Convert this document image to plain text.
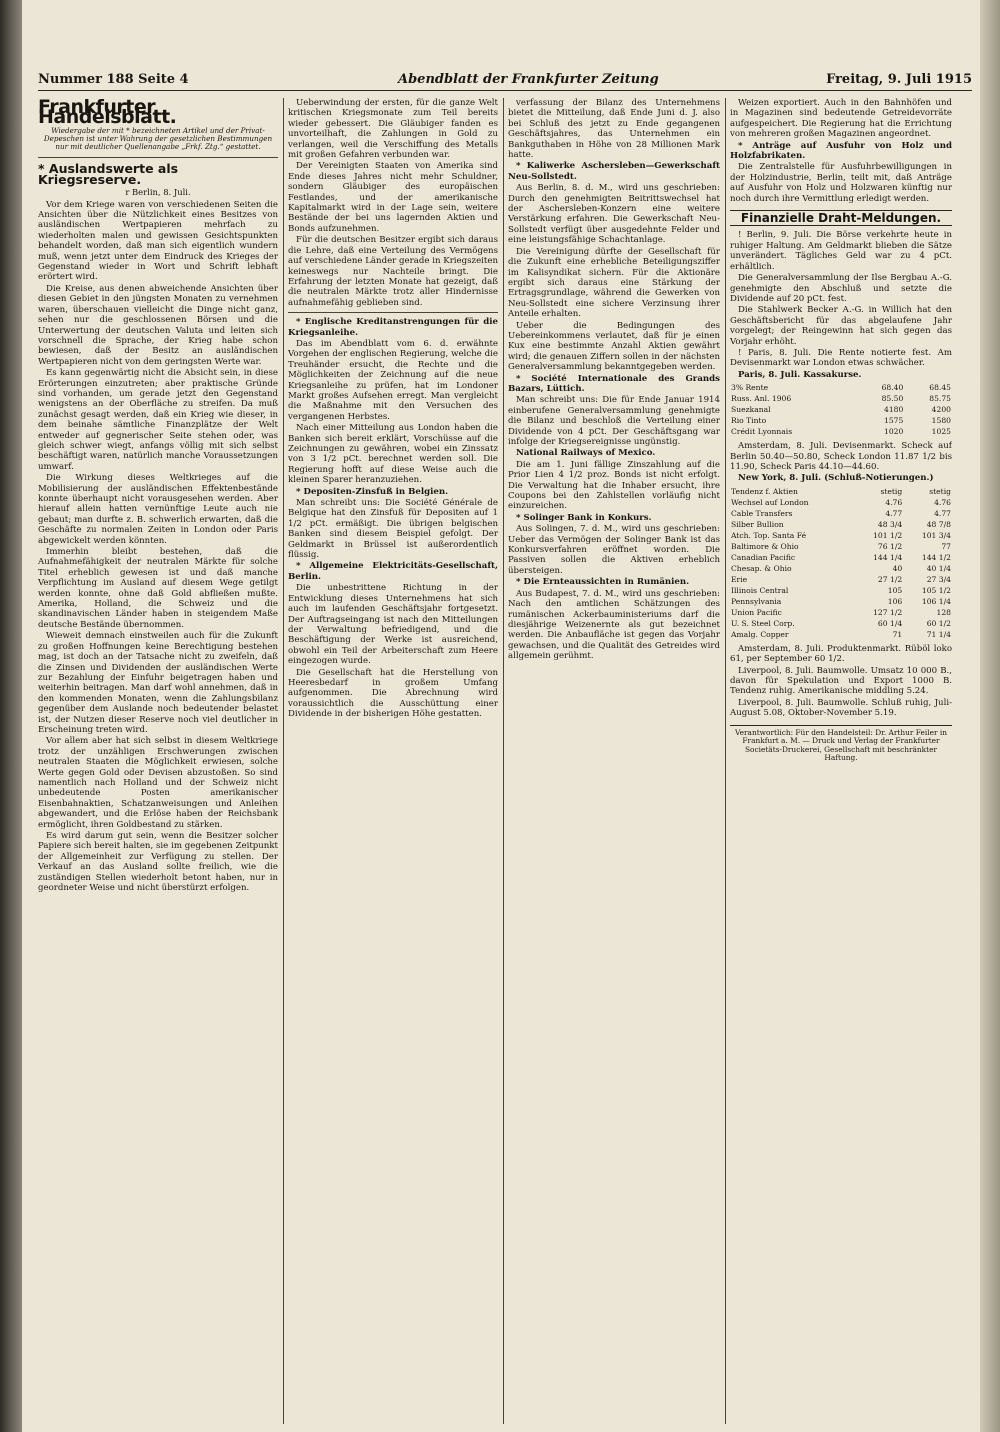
Nummer 188 Seite 4	Abendblatt der Frankfurter Zeitung	Freitag, 9. Juli 1915
Frankfurter Handelsblatt.
Wiedergabe der mit * bezeichneten Artikel und der Privat-Depeschen ist unter Wahrung der gesetzlichen Bestimmungen nur mit deutlicher Quellenangabe „Frkf. Ztg.“ gestattet.
* Auslandswerte als Kriegsreserve.
r Berlin, 8. Juli.

Vor dem Kriege waren von verschiedenen Seiten die Ansichten über die Nützlichkeit eines Besitzes von ausländischen Wertpapieren mehrfach zu wiederholten malen und gewissen Gesichtspunkten behandelt worden, daß man sich eigentlich wundern muß, wenn jetzt unter dem Eindruck des Krieges der Gegenstand wieder in Wort und Schrift lebhaft erörtert wird.

Die Kreise, aus denen abweichende Ansichten über diesen Gebiet in den jüngsten Monaten zu vernehmen waren, überschauen vielleicht die Dinge nicht ganz, sehen nur die geschlossenen Börsen und die Unterwertung der deutschen Valuta und leiten sich vorschnell die Sprache, der Krieg habe schon bewiesen, daß der Besitz an ausländischen Wertpapieren nicht von dem geringsten Werte war.

Es kann gegenwärtig nicht die Absicht sein, in diese Erörterungen einzutreten; aber praktische Gründe sind vorhanden, um gerade jetzt den Gegenstand wenigstens an der Oberfläche zu streifen. Da muß zunächst gesagt werden, daß ein Krieg wie dieser, in dem beinahe sämtliche Finanzplätze der Welt entweder auf gegnerischer Seite stehen oder, was gleich schwer wiegt, anfangs völlig mit sich selbst beschäftigt waren, natürlich manche Voraussetzungen umwarf.

Die Wirkung dieses Weltkrieges auf die Mobilisierung der ausländischen Effektenbestände konnte überhaupt nicht vorausgesehen werden. Aber hierauf allein hatten vernünftige Leute auch nie gebaut; man durfte z. B. schwerlich erwarten, daß die Geschäfte zu normalen Zeiten in London oder Paris abgewickelt werden könnten.

Immerhin bleibt bestehen, daß die Aufnahmefähigkeit der neutralen Märkte für solche Titel erheblich gewesen ist und daß manche Verpflichtung im Ausland auf diesem Wege getilgt werden konnte, ohne daß Gold abfließen mußte. Amerika, Holland, die Schweiz und die skandinavischen Länder haben in steigendem Maße deutsche Bestände übernommen.

Wieweit demnach einstweilen auch für die Zukunft zu großen Hoffnungen keine Berechtigung bestehen mag, ist doch an der Tatsache nicht zu zweifeln, daß die Zinsen und Dividenden der ausländischen Werte zur Bezahlung der Einfuhr beigetragen haben und weiterhin beitragen. Man darf wohl annehmen, daß in den kommenden Monaten, wenn die Zahlungsbilanz gegenüber dem Auslande noch bedeutender belastet ist, der Nutzen dieser Reserve noch viel deutlicher in Erscheinung treten wird.

Vor allem aber hat sich selbst in diesem Weltkriege trotz der unzähligen Erschwerungen zwischen neutralen Staaten die Möglichkeit erwiesen, solche Werte gegen Gold oder Devisen abzustoßen. So sind namentlich nach Holland und der Schweiz nicht unbedeutende Posten amerikanischer Eisenbahnaktien, Schatzanweisungen und Anleihen abgewandert, und die Erlöse haben der Reichsbank ermöglicht, ihren Goldbestand zu stärken.

Es wird darum gut sein, wenn die Besitzer solcher Papiere sich bereit halten, sie im gegebenen Zeitpunkt der Allgemeinheit zur Verfügung zu stellen. Der Verkauf an das Ausland sollte freilich, wie die zuständigen Stellen wiederholt betont haben, nur in geordneter Weise und nicht überstürzt erfolgen.

Ueberwindung der ersten, für die ganze Welt kritischen Kriegsmonate zum Teil bereits wieder gebessert. Die Gläubiger fanden es unvorteilhaft, die Zahlungen in Gold zu verlangen, weil die Verschiffung des Metalls mit großen Gefahren verbunden war.

Der Vereinigten Staaten von Amerika sind Ende dieses Jahres nicht mehr Schuldner, sondern Gläubiger des europäischen Festlandes, und der amerikanische Kapitalmarkt wird in der Lage sein, weitere Bestände der bei uns lagernden Aktien und Bonds aufzunehmen.

Für die deutschen Besitzer ergibt sich daraus die Lehre, daß eine Verteilung des Vermögens auf verschiedene Länder gerade in Kriegszeiten keineswegs nur Nachteile bringt. Die Erfahrung der letzten Monate hat gezeigt, daß die neutralen Märkte trotz aller Hindernisse aufnahmefähig geblieben sind.

* Englische Kreditanstrengungen für die Kriegsanleihe.

Das im Abendblatt vom 6. d. erwähnte Vorgehen der englischen Regierung, welche die Treuhänder ersucht, die Rechte und die Möglichkeiten der Zeichnung auf die neue Kriegsanleihe zu prüfen, hat im Londoner Markt großes Aufsehen erregt. Man vergleicht die Maßnahme mit den Versuchen des vergangenen Herbstes.

Nach einer Mitteilung aus London haben die Banken sich bereit erklärt, Vorschüsse auf die Zeichnungen zu gewähren, wobei ein Zinssatz von 3 1/2 pCt. berechnet werden soll. Die Regierung hofft auf diese Weise auch die kleinen Sparer heranzuziehen.

* Depositen-Zinsfuß in Belgien.

Man schreibt uns: Die Société Générale de Belgique hat den Zinsfuß für Depositen auf 1 1/2 pCt. ermäßigt. Die übrigen belgischen Banken sind diesem Beispiel gefolgt. Der Geldmarkt in Brüssel ist außerordentlich flüssig.

* Allgemeine Elektricitäts-Gesellschaft, Berlin.

Die unbestrittene Richtung in der Entwicklung dieses Unternehmens hat sich auch im laufenden Geschäftsjahr fortgesetzt. Der Auftragseingang ist nach den Mitteilungen der Verwaltung befriedigend, und die Beschäftigung der Werke ist ausreichend, obwohl ein Teil der Arbeiterschaft zum Heere eingezogen wurde.

Die Gesellschaft hat die Herstellung von Heeresbedarf in großem Umfang aufgenommen. Die Abrechnung wird voraussichtlich die Ausschüttung einer Dividende in der bisherigen Höhe gestatten.

verfassung der Bilanz des Unternehmens bietet die Mitteilung, daß Ende Juni d. J. also bei Schluß des jetzt zu Ende gegangenen Geschäftsjahres, das Unternehmen ein Bankguthaben in Höhe von 28 Millionen Mark hatte.

* Kaliwerke Aschersleben—Gewerkschaft Neu-Sollstedt.

Aus Berlin, 8. d. M., wird uns geschrieben: Durch den genehmigten Beitrittswechsel hat der Aschersleben-Konzern eine weitere Verstärkung erfahren. Die Gewerkschaft Neu-Sollstedt verfügt über ausgedehnte Felder und eine leistungsfähige Schachtanlage.

Die Vereinigung dürfte der Gesellschaft für die Zukunft eine erhebliche Beteiligungsziffer im Kalisyndikat sichern. Für die Aktionäre ergibt sich daraus eine Stärkung der Ertragsgrundlage, während die Gewerken von Neu-Sollstedt eine sichere Verzinsung ihrer Anteile erhalten.

Ueber die Bedingungen des Uebereinkommens verlautet, daß für je einen Kux eine bestimmte Anzahl Aktien gewährt wird; die genauen Ziffern sollen in der nächsten Generalversammlung bekanntgegeben werden.

* Société Internationale des Grands Bazars, Lüttich.

Man schreibt uns: Die für Ende Januar 1914 einberufene Generalversammlung genehmigte die Bilanz und beschloß die Verteilung einer Dividende von 4 pCt. Der Geschäftsgang war infolge der Kriegsereignisse ungünstig.

National Railways of Mexico.

Die am 1. Juni fällige Zinszahlung auf die Prior Lien 4 1/2 proz. Bonds ist nicht erfolgt. Die Verwaltung hat die Inhaber ersucht, ihre Coupons bei den Zahlstellen vorläufig nicht einzureichen.

* Solinger Bank in Konkurs.

Aus Solingen, 7. d. M., wird uns geschrieben: Ueber das Vermögen der Solinger Bank ist das Konkursverfahren eröffnet worden. Die Passiven sollen die Aktiven erheblich übersteigen.

* Die Ernteaussichten in Rumänien.

Aus Budapest, 7. d. M., wird uns geschrieben: Nach den amtlichen Schätzungen des rumänischen Ackerbauministeriums darf die diesjährige Weizenernte als gut bezeichnet werden. Die Anbaufläche ist gegen das Vorjahr gewachsen, und die Qualität des Getreides wird allgemein gerühmt.

Weizen exportiert. Auch in den Bahnhöfen und in Magazinen sind bedeutende Getreidevorräte aufgespeichert. Die Regierung hat die Errichtung von mehreren großen Magazinen angeordnet.

* Anträge auf Ausfuhr von Holz und Holzfabrikaten.

Die Zentralstelle für Ausfuhrbewilligungen in der Holzindustrie, Berlin, teilt mit, daß Anträge auf Ausfuhr von Holz und Holzwaren künftig nur noch durch ihre Vermittlung erledigt werden.

Finanzielle Draht-Meldungen.

! Berlin, 9. Juli. Die Börse verkehrte heute in ruhiger Haltung. Am Geldmarkt blieben die Sätze unverändert. Tägliches Geld war zu 4 pCt. erhältlich.

Die Generalversammlung der Ilse Bergbau A.-G. genehmigte den Abschluß und setzte die Dividende auf 20 pCt. fest.

Die Stahlwerk Becker A.-G. in Willich hat den Geschäftsbericht für das abgelaufene Jahr vorgelegt; der Reingewinn hat sich gegen das Vorjahr erhöht.

! Paris, 8. Juli. Die Rente notierte fest. Am Devisenmarkt war London etwas schwächer.

Paris, 8. Juli. Kassakurse.

3% Rente	68.40	68.45
Russ. Anl. 1906	85.50	85.75
Suezkanal	4180	4200
Rio Tinto	1575	1580
Crédit Lyonnais	1020	1025

Amsterdam, 8. Juli. Devisenmarkt. Scheck auf Berlin 50.40—50.80, Scheck London 11.87 1/2 bis 11.90, Scheck Paris 44.10—44.60.

New York, 8. Juli. (Schluß-Notierungen.)

Tendenz f. Aktien	stetig	stetig
Wechsel auf London	4.76	4.76
Cable Transfers	4.77	4.77
Silber Bullion	48 3/4	48 7/8
Atch. Top. Santa Fé	101 1/2	101 3/4
Baltimore & Ohio	76 1/2	77
Canadian Pacific	144 1/4	144 1/2
Chesap. & Ohio	40	40 1/4
Erie	27 1/2	27 3/4
Illinois Central	105	105 1/2
Pennsylvania	106	106 1/4
Union Pacific	127 1/2	128
U. S. Steel Corp.	60 1/4	60 1/2
Amalg. Copper	71	71 1/4

Amsterdam, 8. Juli. Produktenmarkt. Rüböl loko 61, per September 60 1/2.

Liverpool, 8. Juli. Baumwolle. Umsatz 10 000 B., davon für Spekulation und Export 1000 B. Tendenz ruhig. Amerikanische middling 5.24.

Liverpool, 8. Juli. Baumwolle. Schluß ruhig, Juli-August 5.08, Oktober-November 5.19.

Verantwortlich: Für den Handelsteil: Dr. Arthur Feiler in Frankfurt a. M. — Druck und Verlag der Frankfurter Societäts-Druckerei, Gesellschaft mit beschränkter Haftung.
